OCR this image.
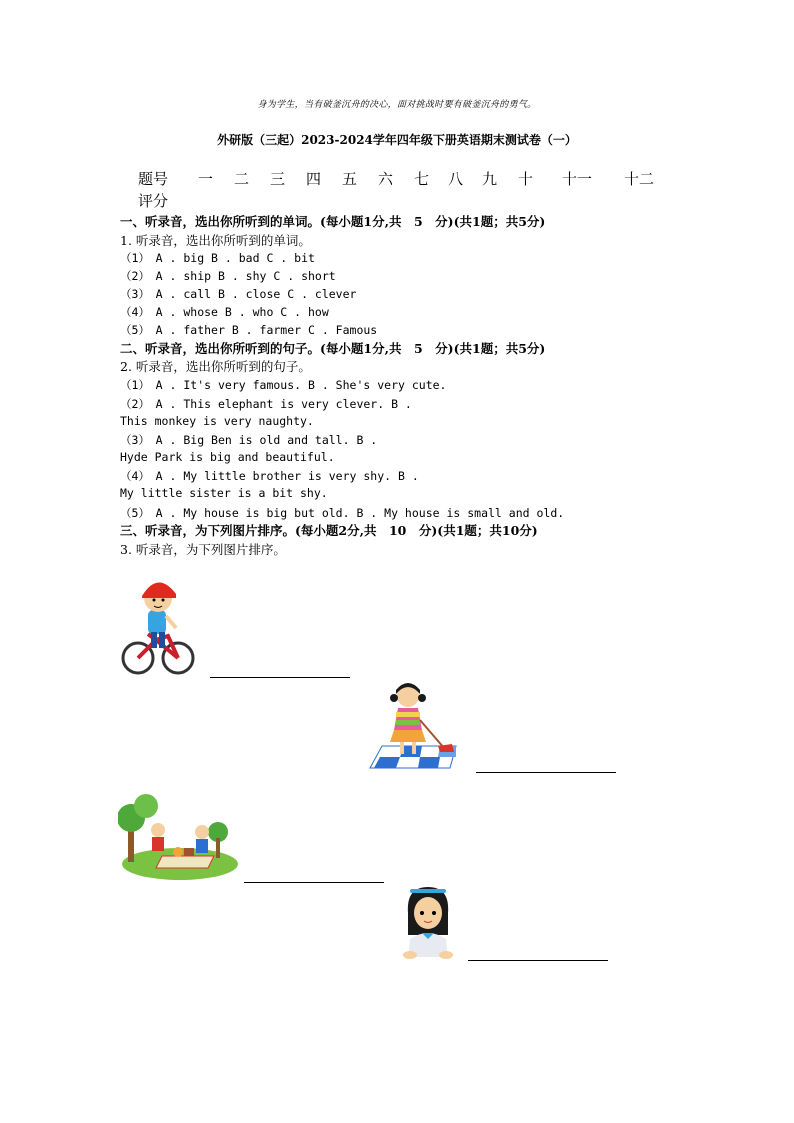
身为学生，当有破釜沉舟的决心，面对挑战时要有破釜沉舟的勇气。
外研版（三起）2023-2024学年四年级下册英语期末测试卷（一）
题号 一 二 三 四 五 六 七 八 九 十 十一 十二
评分
一、听录音，选出你所听到的单词。(每小题1分,共　5　分)(共1题；共5分)
1. 听录音，选出你所听到的单词。
（1）　A . big B . bad C . bit
（2）　A . ship B . shy C . short
（3）　A . call B . close C . clever
（4）　A . whose B . who C . how
（5）　A . father B . farmer C . Famous
二、听录音，选出你所听到的句子。(每小题1分,共　5　分)(共1题；共5分)
2. 听录音，选出你所听到的句子。
（1）　A . It's very famous. B . She's very cute.
（2）　A . This elephant is very clever. B .
This monkey is very naughty.
（3）　A . Big Ben is old and tall. B .
Hyde Park is big and beautiful.
（4）　A . My little brother is very shy. B .
My little sister is a bit shy.
（5）　A . My house is big but old. B . My house is small and old.
三、听录音，为下列图片排序。(每小题2分,共　10　分)(共1题；共10分)
3. 听录音，为下列图片排序。
